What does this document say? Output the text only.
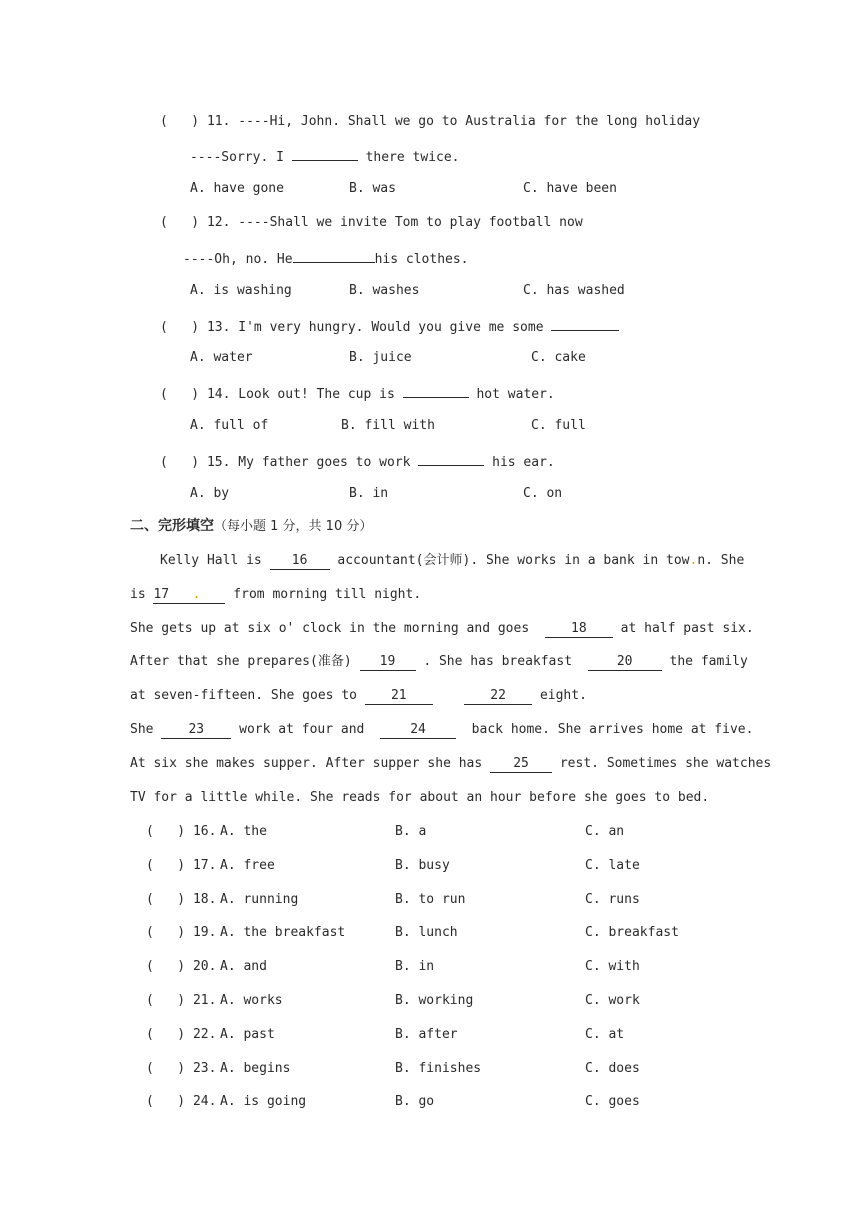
(   ) 11. ----Hi, John. Shall we go to Australia for the long holiday
----Sorry. I	there twice.
A. have gone	B. was	C. have been
(   ) 12. ----Shall we invite Tom to play football now
----Oh, no. He	his clothes.
A. is washing	B. washes	C. has washed
(   ) 13. I'm very hungry. Would you give me some
A. water	B. juice	C. cake
(   ) 14. Look out! The cup is	hot water.
A. full of	B. fill with	C. full
(   ) 15. My father goes to work	his ear.
A. by	B. in	C. on
二、完形填空（每小题 1 分，共 10 分）
Kelly Hall is 16 accountant(会计师). She works in a bank in tow.n. She
is 17   . from morning till night.
She gets up at six o' clock in the morning and goes  18 at half past six.
After that she prepares(准备) 19 . She has breakfast  20 the family
at seven-fifteen. She goes to 21	22 eight.
She 23 work at four and  24  back home. She arrives home at five.
At six she makes supper. After supper she has 25 rest. Sometimes she watches
TV for a little while. She reads for about an hour before she goes to bed.
(   ) 16.
A. the	B. a	C. an
(   ) 17.
A. free	B. busy	C. late
(   ) 18.
A. running	B. to run	C. runs
(   ) 19.
A. the breakfast	B. lunch	C. breakfast
(   ) 20.
A. and	B. in	C. with
(   ) 21.
A. works	B. working	C. work
(   ) 22.
A. past	B. after	C. at
(   ) 23.
A. begins	B. finishes	C. does
(   ) 24.
A. is going	B. go	C. goes
